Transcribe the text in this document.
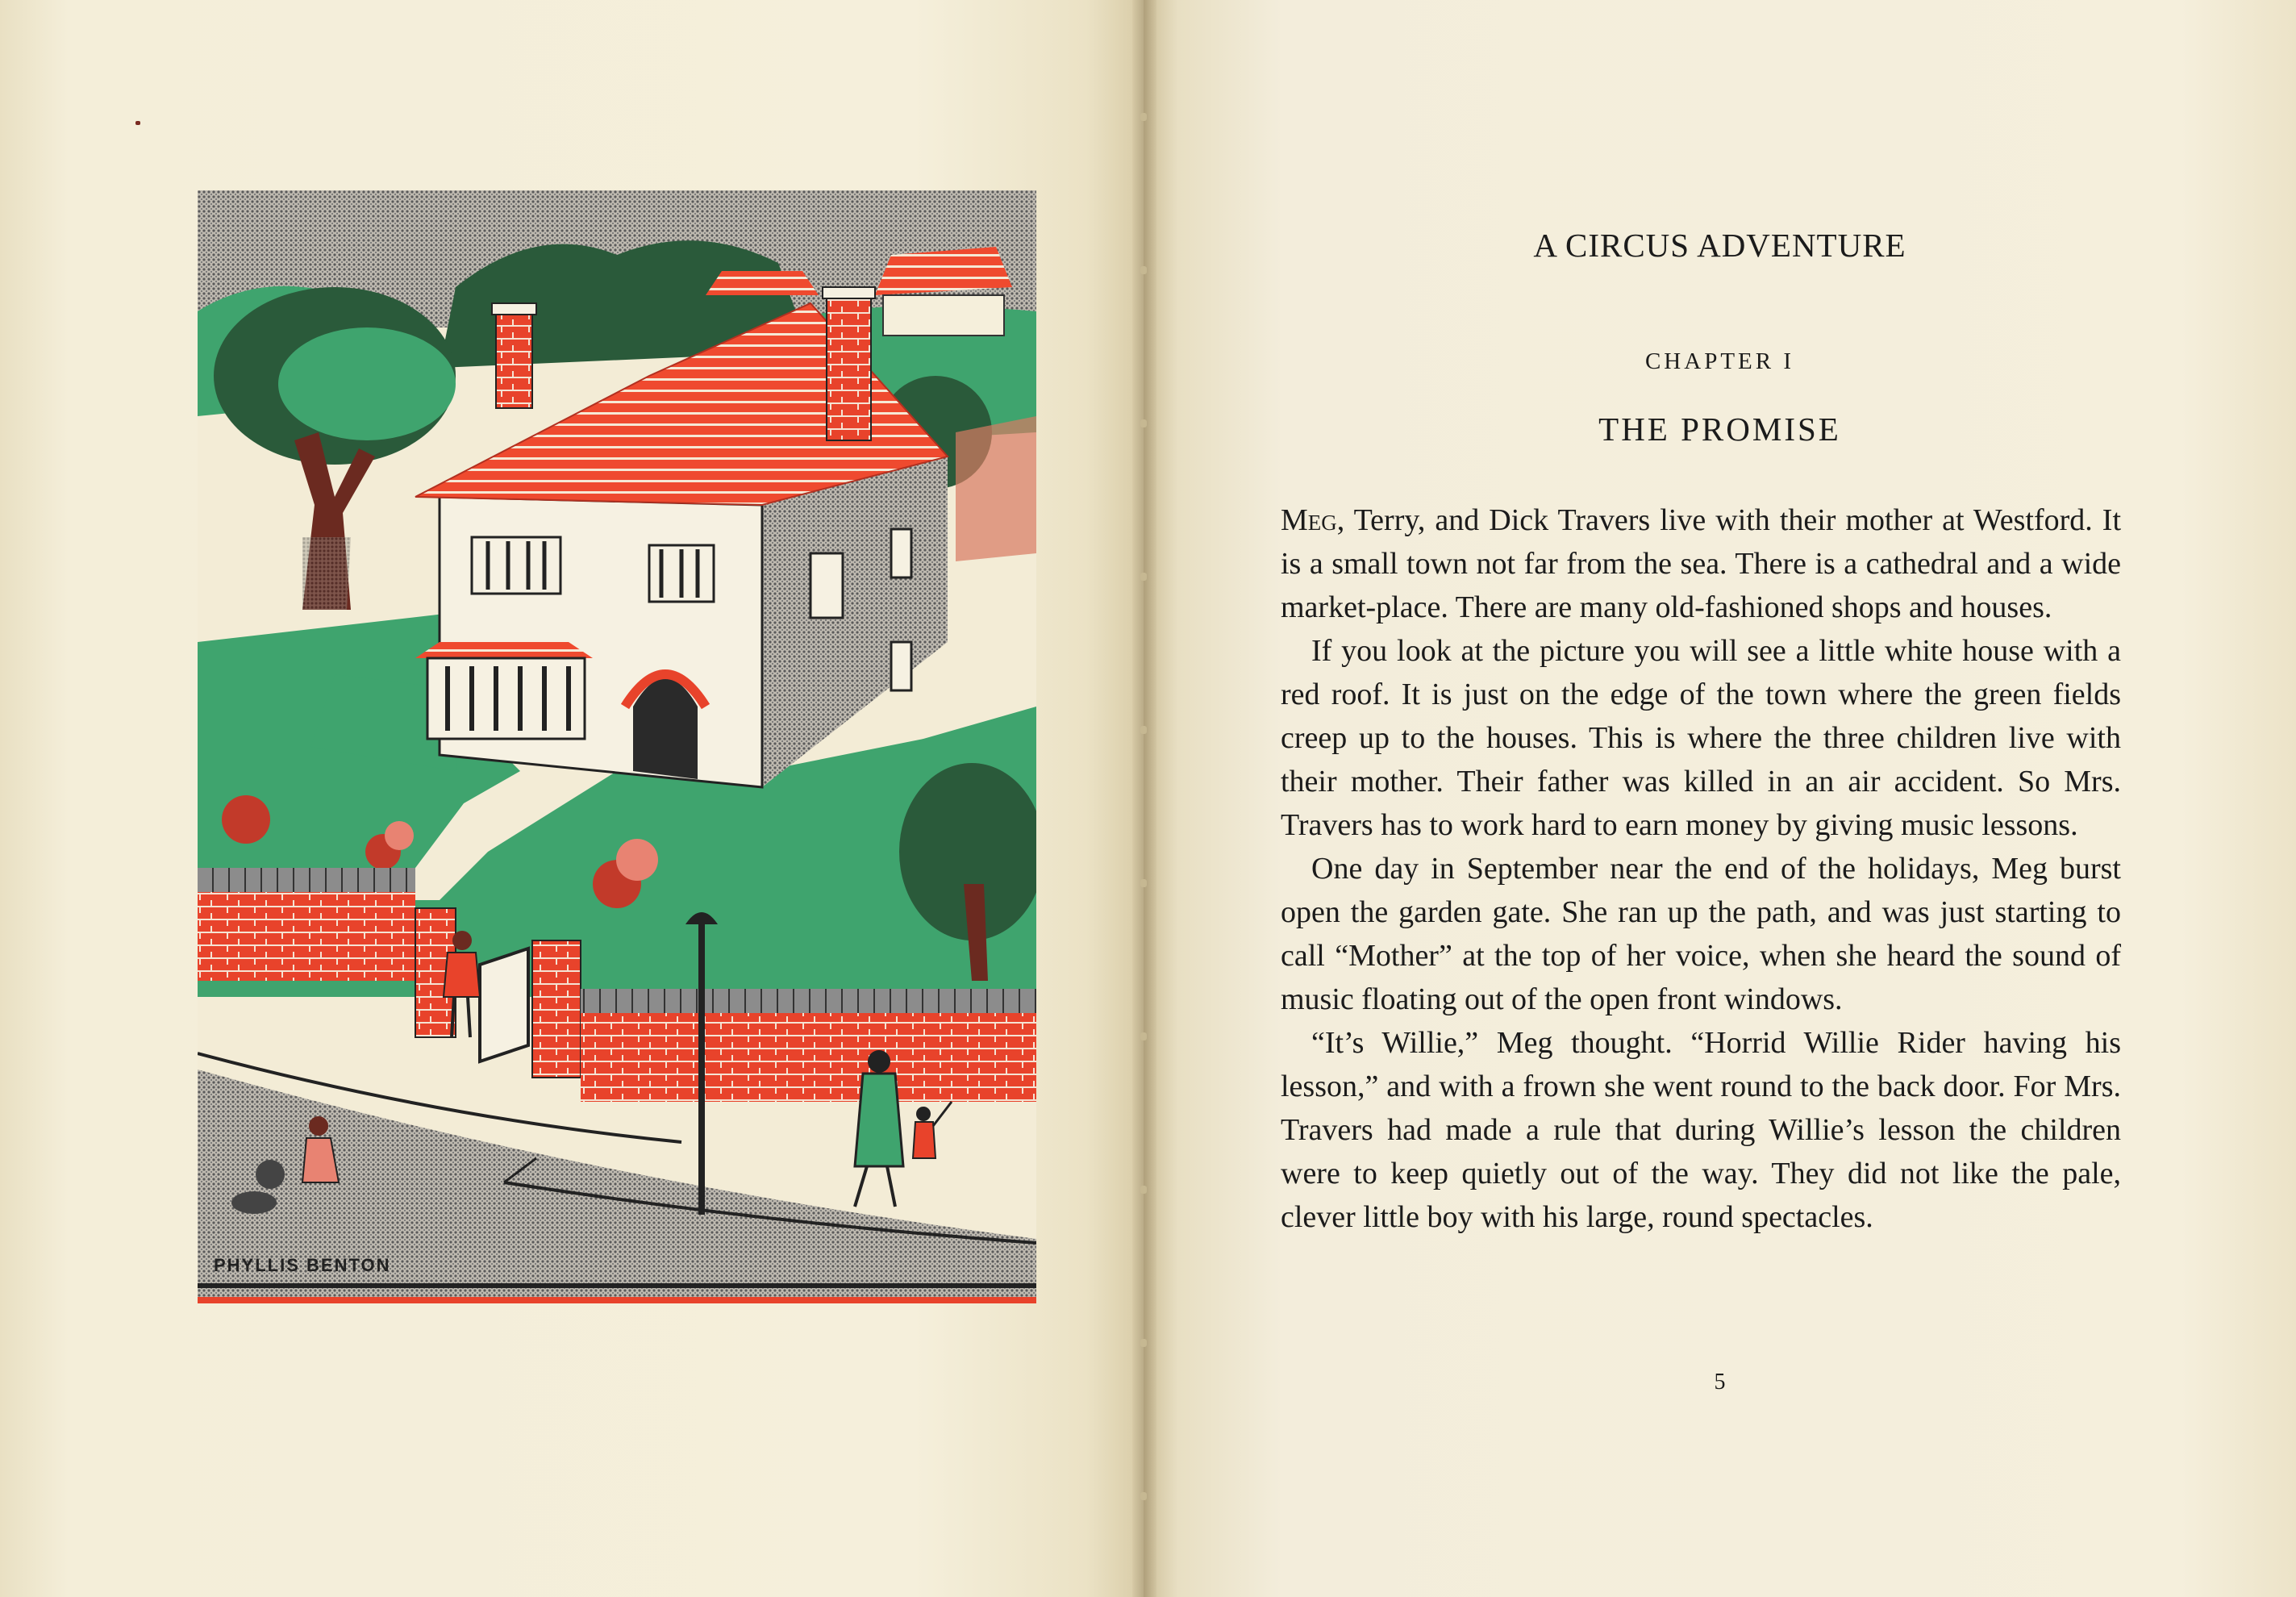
PHYLLIS BENTON
A CIRCUS ADVENTURE
CHAPTER I
THE PROMISE

Meg, Terry, and Dick Travers live with their mother at Westford. It is a small town not far from the sea. There is a cathedral and a wide market-place. There are many old-fashioned shops and houses.

If you look at the picture you will see a little white house with a red roof. It is just on the edge of the town where the green fields creep up to the houses. This is where the three children live with their mother. Their father was killed in an air accident. So Mrs. Travers has to work hard to earn money by giving music lessons.

One day in September near the end of the holidays, Meg burst open the garden gate. She ran up the path, and was just starting to call “Mother” at the top of her voice, when she heard the sound of music floating out of the open front windows.

“It’s Willie,” Meg thought. “Horrid Willie Rider having his lesson,” and with a frown she went round to the back door. For Mrs. Travers had made a rule that during Willie’s lesson the children were to keep quietly out of the way. They did not like the pale, clever little boy with his large, round spectacles.

5
